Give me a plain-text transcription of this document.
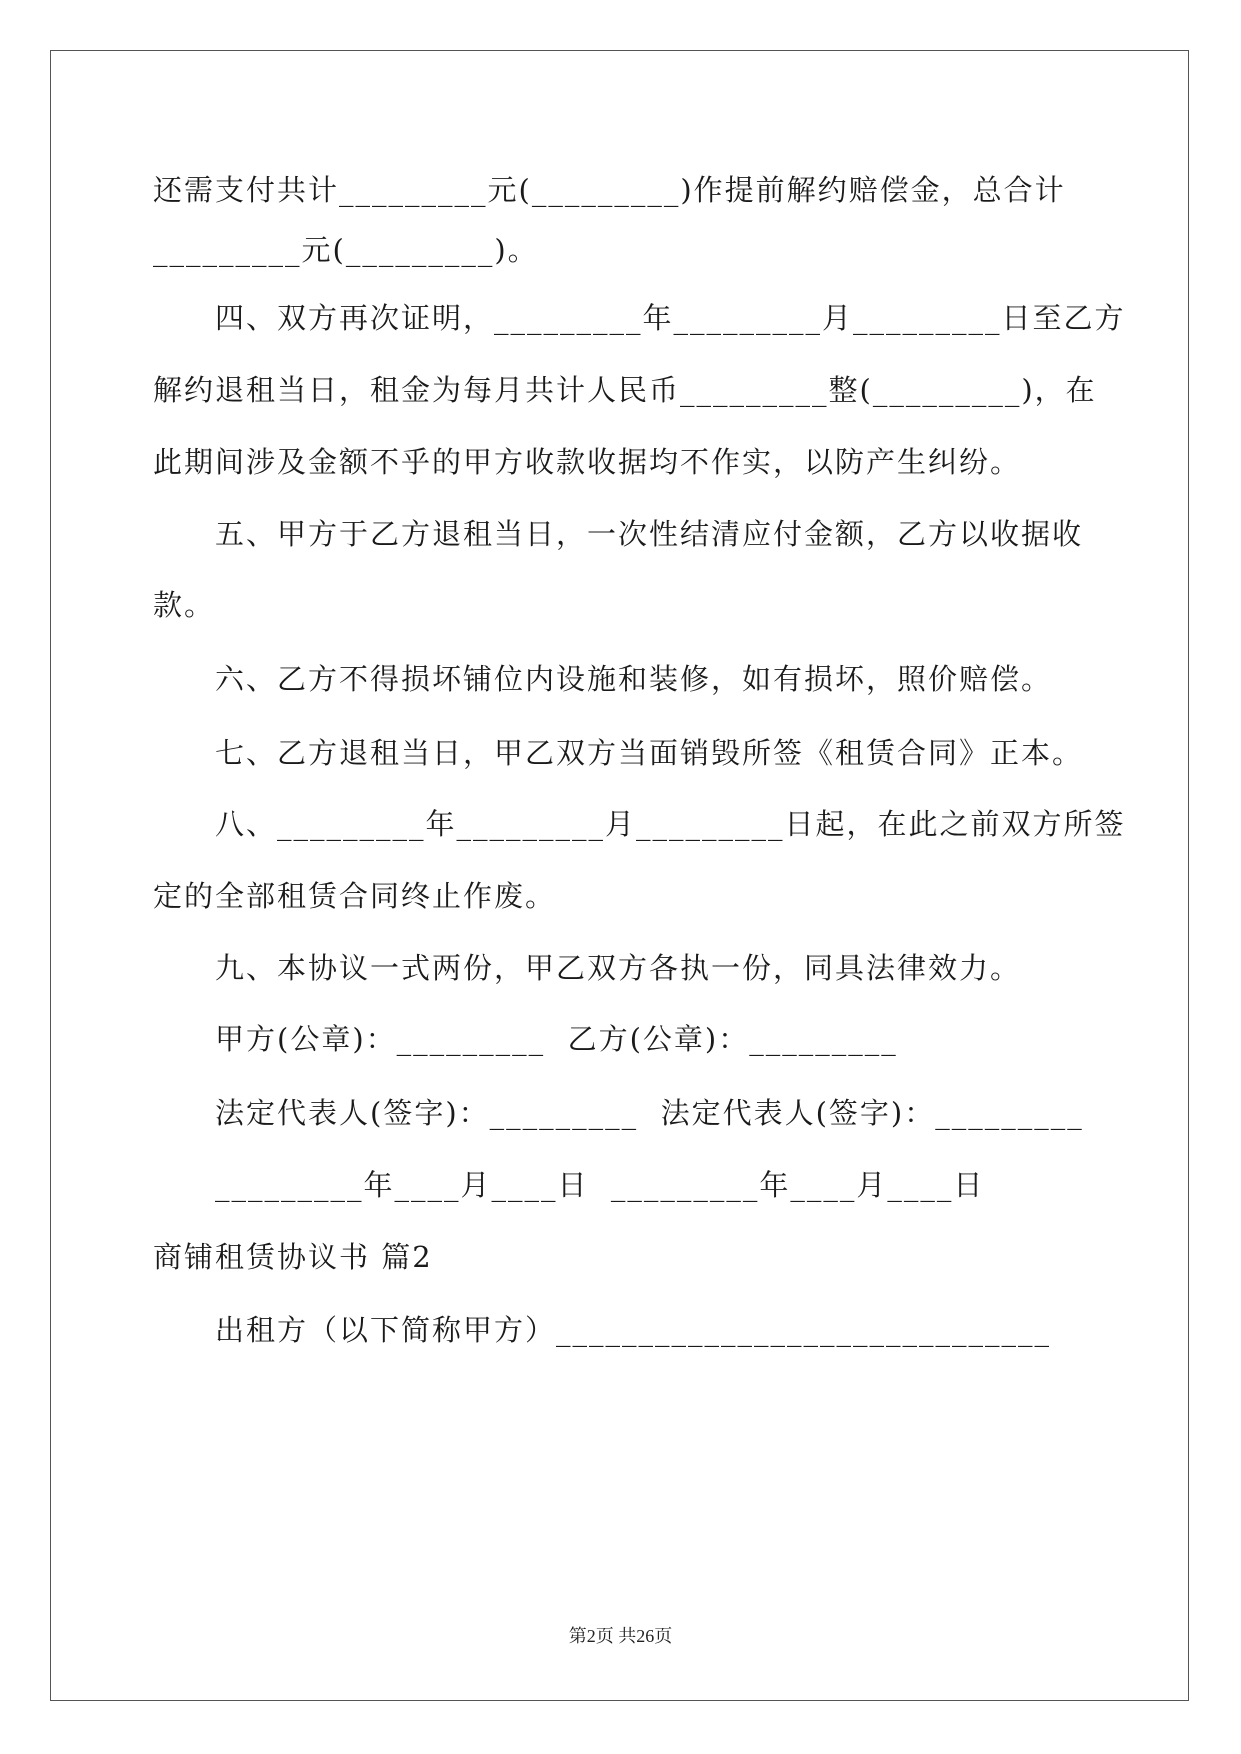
还需支付共计_________元(_________)作提前解约赔偿金，总合计
_________元(_________)。
四、双方再次证明，_________年_________月_________日至乙方
解约退租当日，租金为每月共计人民币_________整(_________)，在
此期间涉及金额不乎的甲方收款收据均不作实，以防产生纠纷。
五、甲方于乙方退租当日，一次性结清应付金额，乙方以收据收
款。
六、乙方不得损坏铺位内设施和装修，如有损坏，照价赔偿。
七、乙方退租当日，甲乙双方当面销毁所签《租赁合同》正本。
八、_________年_________月_________日起，在此之前双方所签
定的全部租赁合同终止作废。
九、本协议一式两份，甲乙双方各执一份，同具法律效力。
甲方(公章)：_________  乙方(公章)：_________
法定代表人(签字)：_________  法定代表人(签字)：_________
_________年____月____日  _________年____月____日
商铺租赁协议书 篇2
出租方（以下简称甲方）______________________________
第2页 共26页
